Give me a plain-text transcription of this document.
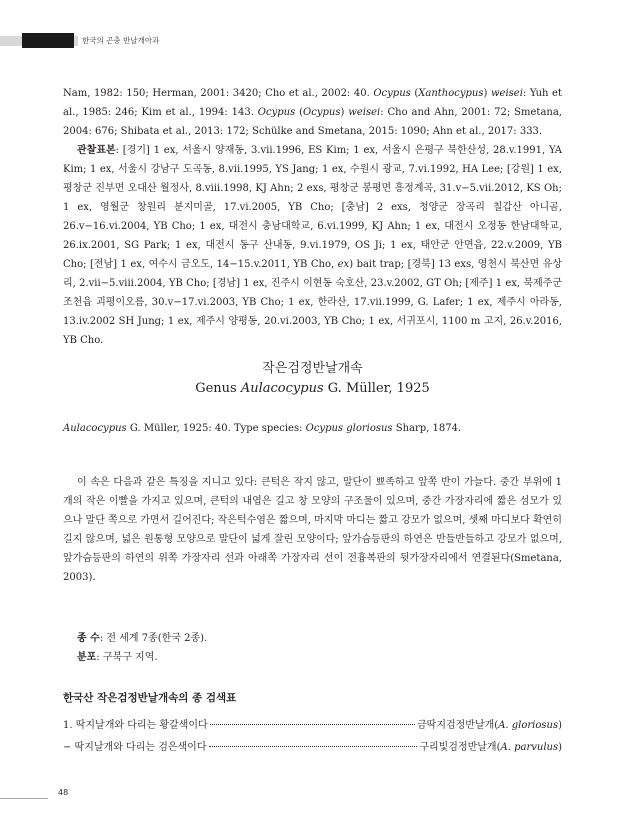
한국의 곤충 반날개아과

Nam, 1982: 150; Herman, 2001: 3420; Cho et al., 2002: 40. Ocypus (Xanthocypus) weisei: Yuh et al., 1985: 246; Kim et al., 1994: 143. Ocypus (Ocypus) weisei: Cho and Ahn, 2001: 72; Smetana, 2004: 676; Shibata et al., 2013: 172; Schülke and Smetana, 2015: 1090; Ahn et al., 2017: 333.

관찰표본: [경기] 1 ex, 서울시 양재동, 3.vii.1996, ES Kim; 1 ex, 서울시 은평구 북한산성, 28.v.1991, YA Kim; 1 ex, 서울시 강남구 도곡동, 8.vii.1995, YS Jang; 1 ex, 수원시 광교, 7.vi.1992, HA Lee; [강원] 1 ex, 평창군 진부면 오대산 월정사, 8.viii.1998, KJ Ahn; 2 exs, 평창군 봉평면 흥정계곡, 31.v−5.vii.2012, KS Oh; 1 ex, 영월군 창원리 분지미골, 17.vi.2005, YB Cho; [충남] 2 exs, 청양군 장곡리 칠갑산 아니곰, 26.v−16.vi.2004, YB Cho; 1 ex, 대전시 충남대학교, 6.vi.1999, KJ Ahn; 1 ex, 대전시 오정동 한남대학교, 26.ix.2001, SG Park; 1 ex, 대전시 동구 산내동, 9.vi.1979, OS Ji; 1 ex, 태안군 안면읍, 22.v.2009, YB Cho; [전남] 1 ex, 여수시 금오도, 14−15.v.2011, YB Cho, ex) bait trap; [경북] 13 exs, 영천시 북산면 유상리, 2.vii−5.viii.2004, YB Cho; [경남] 1 ex, 진주시 이현동 숙호산, 23.v.2002, GT Oh; [제주] 1 ex, 북제주군 조천읍 괴평이오름, 30.v−17.vi.2003, YB Cho; 1 ex, 한라산, 17.vii.1999, G. Lafer; 1 ex, 제주시 아라동, 13.iv.2002 SH Jung; 1 ex, 제주시 양평동, 20.vi.2003, YB Cho; 1 ex, 서귀포시, 1100 m 고지, 26.v.2016, YB Cho.

작은검정반날개속
Genus Aulacocypus G. Müller, 1925

Aulacocypus G. Müller, 1925: 40. Type species: Ocypus gloriosus Sharp, 1874.

이 속은 다음과 같은 특징을 지니고 있다: 큰턱은 작지 않고, 말단이 뾰족하고 앞쪽 반이 가늘다. 중간 부위에 1개의 작은 이빨을 가지고 있으며, 큰턱의 내엽은 길고 창 모양의 구조물이 있으며, 중간 가장자리에 짧은 섬모가 있으나 말단 쪽으로 가면서 길어진다; 작은턱수염은 짧으며, 마지막 마디는 짧고 강모가 없으며, 셋째 마디보다 확연히 길지 않으며, 넓은 원통형 모양으로 말단이 넓게 잘린 모양이다; 앞가슴등판의 하연은 반들반들하고 강모가 없으며, 앞가슴등판의 하연의 위쪽 가장자리 선과 아래쪽 가장자리 선이 전흉복판의 뒷가장자리에서 연결된다(Smetana, 2003).

종 수: 전 세계 7종(한국 2종).

분포: 구북구 지역.

한국산 작은검정반날개속의 종 검색표
1. 딱지날개와 다리는 황갈색이다	금딱지검정반날개(A. gloriosus)
− 딱지날개와 다리는 검은색이다	구리빛검정반날개(A. parvulus)
48
